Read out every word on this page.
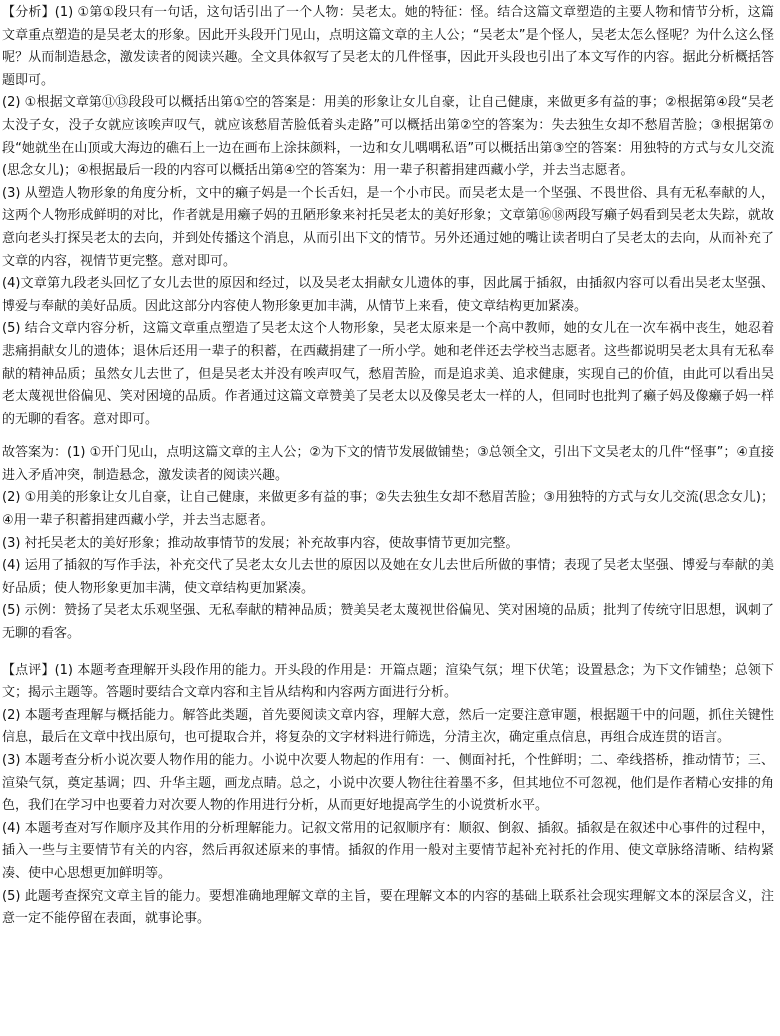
【分析】(1) ①第①段只有一句话，这句话引出了一个人物：吴老太。她的特征：怪。结合这篇文章塑造的主要人物和情节分析，这篇文章重点塑造的是吴老太的形象。因此开头段开门见山，点明这篇文章的主人公；“吴老太”是个怪人，吴老太怎么怪呢？为什么这么怪呢？从而制造悬念，激发读者的阅读兴趣。全文具体叙写了吴老太的几件怪事，因此开头段也引出了本文写作的内容。据此分析概括答题即可。

(2) ①根据文章第⑪⑬段段可以概括出第①空的答案是：用美的形象让女儿自豪，让自己健康，来做更多有益的事；②根据第④段“吴老太没子女，没子女就应该唉声叹气，就应该愁眉苦脸低着头走路”可以概括出第②空的答案为：失去独生女却不愁眉苦脸；③根据第⑦段“她就坐在山顶或大海边的礁石上一边在画布上涂抹颜料，一边和女儿喁喁私语”可以概括出第③空的答案：用独特的方式与女儿交流(思念女儿)；④根据最后一段的内容可以概括出第④空的答案为：用一辈子积蓄捐建西藏小学，并去当志愿者。

(3) 从塑造人物形象的角度分析，文中的癞子妈是一个长舌妇，是一个小市民。而吴老太是一个坚强、不畏世俗、具有无私奉献的人，这两个人物形成鲜明的对比，作者就是用癞子妈的丑陋形象来衬托吴老太的美好形象；文章第⑯⑱两段写癞子妈看到吴老太失踪，就故意向老头打探吴老太的去向，并到处传播这个消息，从而引出下文的情节。另外还通过她的嘴让读者明白了吴老太的去向，从而补充了文章的内容，视情节更完整。意对即可。

(4)文章第九段老头回忆了女儿去世的原因和经过，以及吴老太捐献女儿遗体的事，因此属于插叙，由插叙内容可以看出吴老太坚强、博爱与奉献的美好品质。因此这部分内容使人物形象更加丰满，从情节上来看，使文章结构更加紧凑。

(5) 结合文章内容分析，这篇文章重点塑造了吴老太这个人物形象，吴老太原来是一个高中教师，她的女儿在一次车祸中丧生，她忍着悲痛捐献女儿的遗体；退休后还用一辈子的积蓄，在西藏捐建了一所小学。她和老伴还去学校当志愿者。这些都说明吴老太具有无私奉献的精神品质；虽然女儿去世了，但是吴老太并没有唉声叹气，愁眉苦脸，而是追求美、追求健康，实现自己的价值，由此可以看出吴老太蔑视世俗偏见、笑对困境的品质。作者通过这篇文章赞美了吴老太以及像吴老太一样的人，但同时也批判了癞子妈及像癞子妈一样的无聊的看客。意对即可。

故答案为：(1) ①开门见山，点明这篇文章的主人公；②为下文的情节发展做铺垫；③总领全文，引出下文吴老太的几件“怪事”；④直接进入矛盾冲突，制造悬念，激发读者的阅读兴趣。

(2) ①用美的形象让女儿自豪，让自己健康，来做更多有益的事；②失去独生女却不愁眉苦脸；③用独特的方式与女儿交流(思念女儿)；④用一辈子积蓄捐建西藏小学，并去当志愿者。

(3) 衬托吴老太的美好形象；推动故事情节的发展；补充故事内容，使故事情节更加完整。

(4) 运用了插叙的写作手法，补充交代了吴老太女儿去世的原因以及她在女儿去世后所做的事情；表现了吴老太坚强、博爱与奉献的美好品质；使人物形象更加丰满，使文章结构更加紧凑。

(5) 示例：赞扬了吴老太乐观坚强、无私奉献的精神品质；赞美吴老太蔑视世俗偏见、笑对困境的品质；批判了传统守旧思想，讽刺了无聊的看客。

【点评】(1) 本题考查理解开头段作用的能力。开头段的作用是：开篇点题；渲染气氛；埋下伏笔；设置悬念；为下文作铺垫；总领下文；揭示主题等。答题时要结合文章内容和主旨从结构和内容两方面进行分析。

(2) 本题考查理解与概括能力。解答此类题，首先要阅读文章内容，理解大意，然后一定要注意审题，根据题干中的问题，抓住关键性信息，最后在文章中找出原句，也可提取合并，将复杂的文字材料进行筛选，分清主次，确定重点信息，再组合成连贯的语言。

(3) 本题考查分析小说次要人物作用的能力。小说中次要人物起的作用有：一、侧面衬托，个性鲜明；二、牵线搭桥，推动情节；三、渲染气氛，奠定基调；四、升华主题，画龙点睛。总之，小说中次要人物往往着墨不多，但其地位不可忽视，他们是作者精心安排的角色，我们在学习中也要着力对次要人物的作用进行分析，从而更好地提高学生的小说赏析水平。

(4) 本题考查对写作顺序及其作用的分析理解能力。记叙文常用的记叙顺序有：顺叙、倒叙、插叙。插叙是在叙述中心事件的过程中，插入一些与主要情节有关的内容，然后再叙述原来的事情。插叙的作用一般对主要情节起补充衬托的作用、使文章脉络清晰、结构紧凑、使中心思想更加鲜明等。

(5) 此题考查探究文章主旨的能力。要想准确地理解文章的主旨，要在理解文本的内容的基础上联系社会现实理解文本的深层含义，注意一定不能停留在表面，就事论事。
